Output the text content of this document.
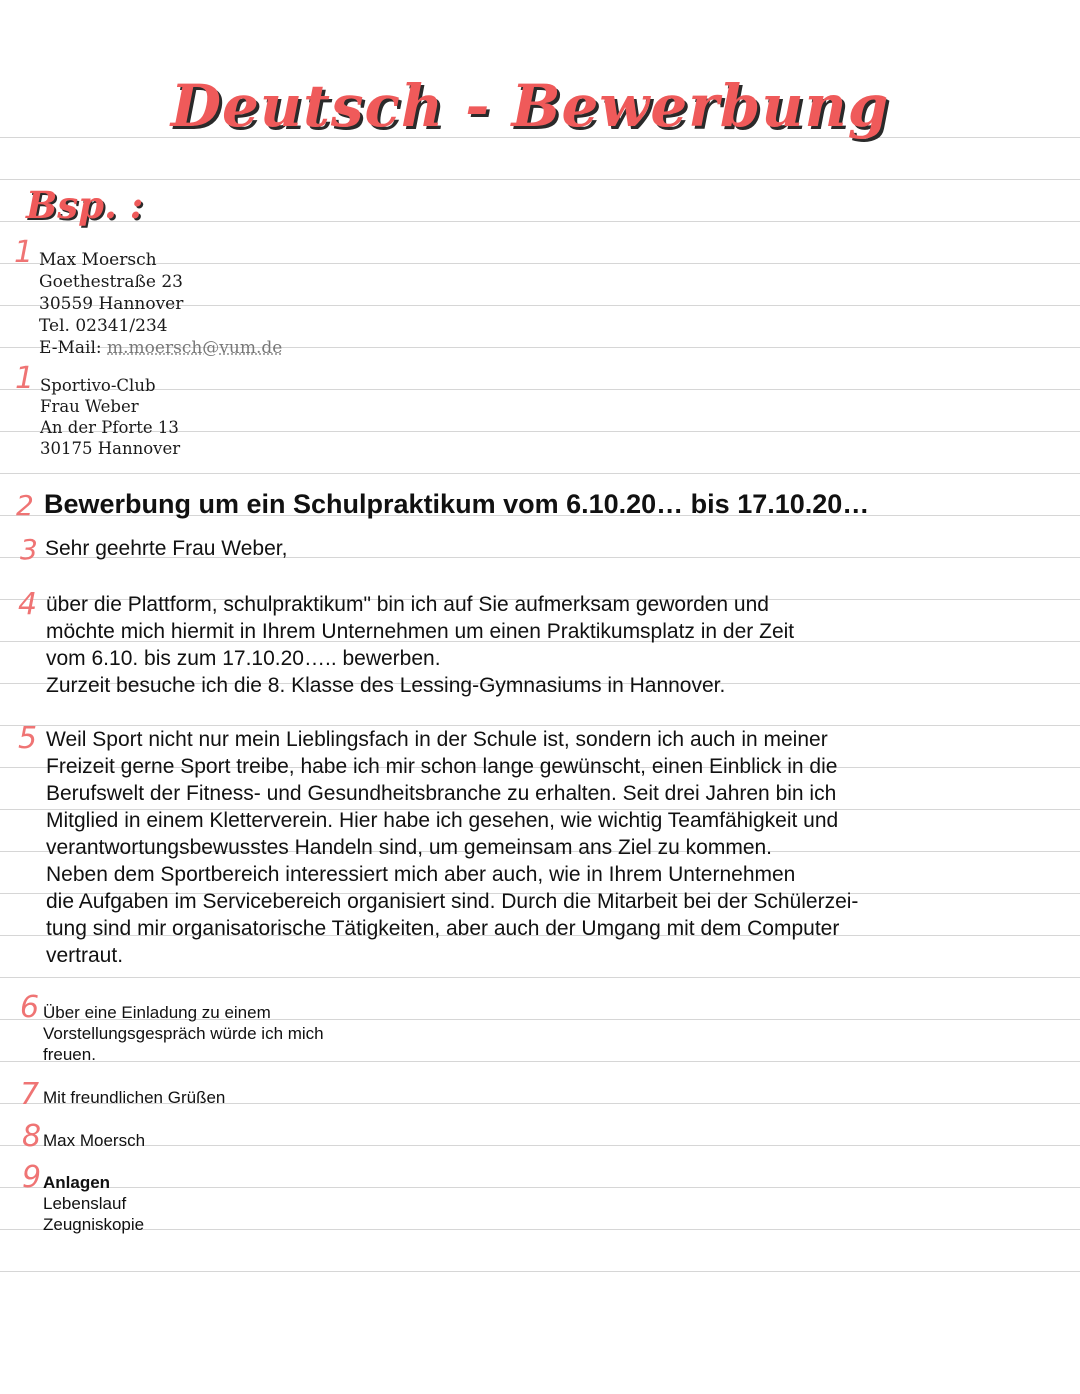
Deutsch - Bewerbung
Bsp. :
1
1
2
3
4
5
6
7
8
9
Max Moersch
Goethestraße 23
30559 Hannover
Tel. 02341/234
E-Mail: m.moersch@vum.de
Sportivo-Club
Frau Weber
An der Pforte 13
30175 Hannover
Bewerbung um ein Schulpraktikum vom 6.10.20… bis 17.10.20…
Sehr geehrte Frau Weber,
über die Plattform, schulpraktikum" bin ich auf Sie aufmerksam geworden und
möchte mich hiermit in Ihrem Unternehmen um einen Praktikumsplatz in der Zeit
vom 6.10. bis zum 17.10.20….. bewerben.
Zurzeit besuche ich die 8. Klasse des Lessing-Gymnasiums in Hannover.
Weil Sport nicht nur mein Lieblingsfach in der Schule ist, sondern ich auch in meiner
Freizeit gerne Sport treibe, habe ich mir schon lange gewünscht, einen Einblick in die
Berufswelt der Fitness- und Gesundheitsbranche zu erhalten. Seit drei Jahren bin ich
Mitglied in einem Kletterverein. Hier habe ich gesehen, wie wichtig Teamfähigkeit und
verantwortungsbewusstes Handeln sind, um gemeinsam ans Ziel zu kommen.
Neben dem Sportbereich interessiert mich aber auch, wie in Ihrem Unternehmen
die Aufgaben im Servicebereich organisiert sind. Durch die Mitarbeit bei der Schülerzei-
tung sind mir organisatorische Tätigkeiten, aber auch der Umgang mit dem Computer
vertraut.
Über eine Einladung zu einem
Vorstellungsgespräch würde ich mich
freuen.
Mit freundlichen Grüßen
Max Moersch
Anlagen
Lebenslauf
Zeugniskopie
